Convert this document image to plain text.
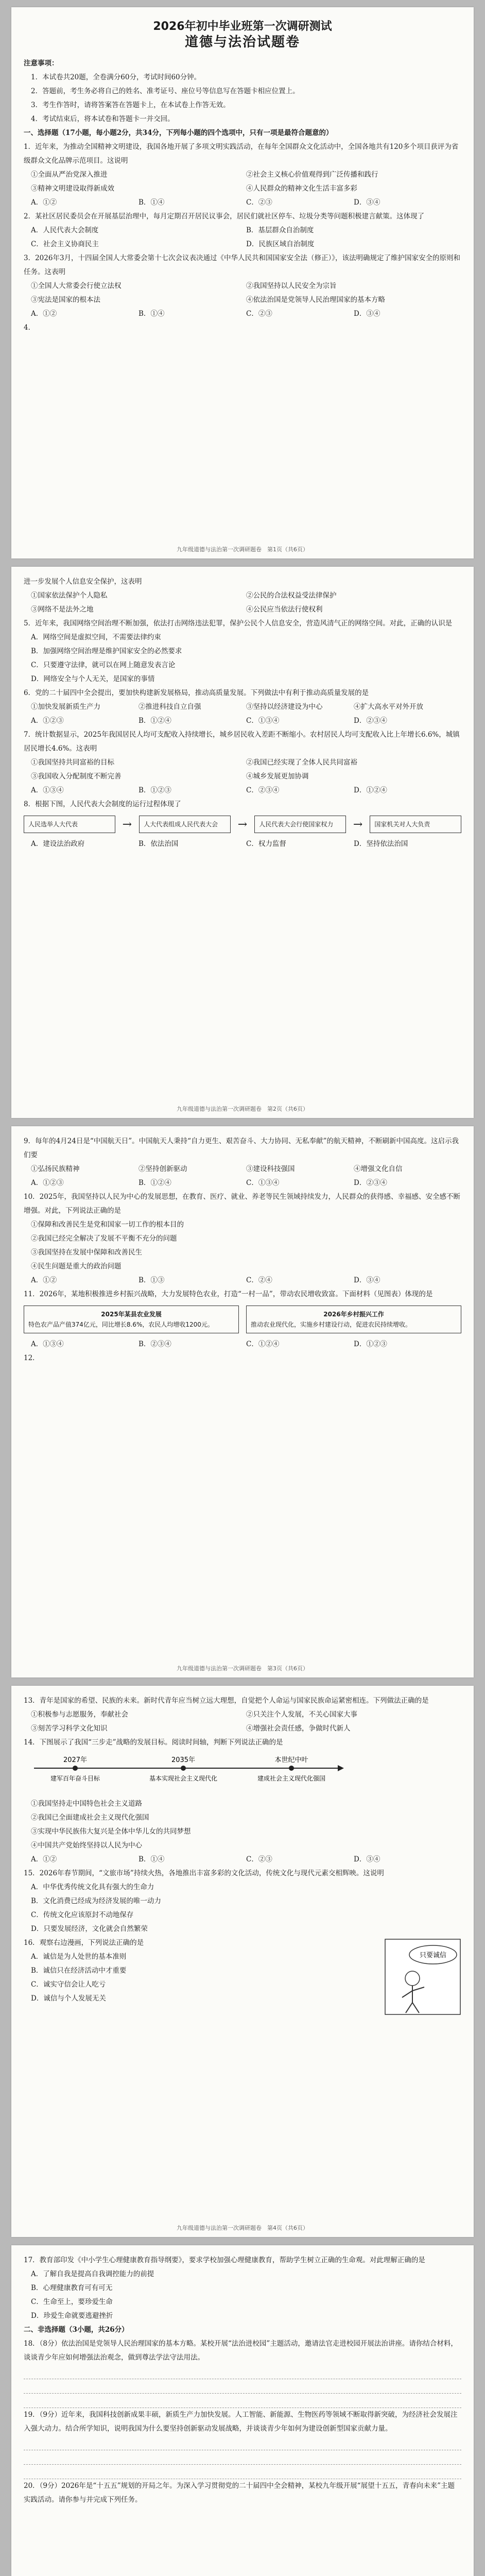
2026年初中毕业班第一次调研测试
道德与法治试题卷

注意事项：

1．本试卷共20题，全卷满分60分，考试时间60分钟。

2．答题前，考生务必将自己的姓名、准考证号、座位号等信息写在答题卡相应位置上。

3．考生作答时，请将答案答在答题卡上，在本试卷上作答无效。

4．考试结束后，将本试卷和答题卡一并交回。

一、选择题（17小题，每小题2分，共34分，下列每小题的四个选项中，只有一项是最符合题意的）

1．近年来，为推动全国精神文明建设，我国各地开展了多项文明实践活动，在每年全国群众文化活动中，全国各地共有120多个项目获评为省级群众文化品牌示范项目。这说明

①全面从严治党深入推进	②社会主义核心价值观得到广泛传播和践行
③精神文明建设取得新成效	④人民群众的精神文化生活丰富多彩
A．①②	B．①④	C．②③	D．③④

2．某社区居民委员会在开展基层治理中，每月定期召开居民议事会，居民们就社区停车、垃圾分类等问题积极建言献策。这体现了

A．人民代表大会制度	B．基层群众自治制度
C．社会主义协商民主	D．民族区域自治制度

3．2026年3月，十四届全国人大常委会第十七次会议表决通过《中华人民共和国国家安全法（修正）》，该法明确规定了维护国家安全的原则和任务。这表明

①全国人大常委会行使立法权	②我国坚持以人民安全为宗旨
③宪法是国家的根本法	④依法治国是党领导人民治理国家的基本方略
A．①②	B．①④	C．②③	D．③④

4．

九年级道德与法治第一次调研题卷　 第1页（共6页）

进一步发展个人信息安全保护，这表明

①国家依法保护个人隐私	②公民的合法权益受法律保护
③网络不是法外之地	④公民应当依法行使权利

5．近年来，我国网络空间治理不断加强，依法打击网络违法犯罪，保护公民个人信息安全，营造风清气正的网络空间。对此，正确的认识是

A．网络空间是虚拟空间，不需要法律约束

B．加强网络空间治理是维护国家安全的必然要求

C．只要遵守法律，就可以在网上随意发表言论

D．网络安全与个人无关，是国家的事情

6．党的二十届四中全会提出，要加快构建新发展格局，推动高质量发展。下列做法中有利于推动高质量发展的是

①加快发展新质生产力	②推进科技自立自强	③坚持以经济建设为中心	④扩大高水平对外开放
A．①②③	B．①②④	C．①③④	D．②③④

7．统计数据显示，2025年我国居民人均可支配收入持续增长，城乡居民收入差距不断缩小。农村居民人均可支配收入比上年增长6.6%，城镇居民增长4.6%。这表明

①我国坚持共同富裕的目标	②我国已经实现了全体人民共同富裕
③我国收入分配制度不断完善	④城乡发展更加协调
A．①③④	B．①②③	C．②③④	D．①②④

8．根据下图，人民代表大会制度的运行过程体现了

人民选举人大代表	→	人大代表组成人民代表大会	→	人民代表大会行使国家权力	→	国家机关对人大负责
A．建设法治政府	B．依法治国	C．权力监督	D．坚持依法治国
九年级道德与法治第一次调研题卷　 第2页（共6页）

9．每年的4月24日是“中国航天日”。中国航天人秉持“自力更生、艰苦奋斗、大力协同、无私奉献”的航天精神，不断刷新中国高度。这启示我们要

①弘扬民族精神	②坚持创新驱动	③建设科技强国	④增强文化自信
A．①②③	B．①②④	C．①③④	D．②③④

10．2025年，我国坚持以人民为中心的发展思想，在教育、医疗、就业、养老等民生领域持续发力，人民群众的获得感、幸福感、安全感不断增强。对此，下列说法正确的是

①保障和改善民生是党和国家一切工作的根本目的

②我国已经完全解决了发展不平衡不充分的问题

③我国坚持在发展中保障和改善民生

④民生问题是重大的政治问题

A．①②	B．①③	C．②④	D．③④

11．2026年，某地积极推进乡村振兴战略，大力发展特色农业，打造“一村一品”，带动农民增收致富。下面材料（见图表）体现的是

2025年某县农业发展
特色农产品产值374亿元，同比增长8.6%，农民人均增收1200元。
2026年乡村振兴工作
推动农业现代化，实施乡村建设行动，促进农民持续增收。
A．①③④	B．②③④	C．①②④	D．①②③

12．

九年级道德与法治第一次调研题卷　 第3页（共6页）

13．青年是国家的希望、民族的未来。新时代青年应当树立远大理想，自觉把个人命运与国家民族命运紧密相连。下列做法正确的是

①积极参与志愿服务，奉献社会	②只关注个人发展，不关心国家大事
③刻苦学习科学文化知识	④增强社会责任感，争做时代新人

14．下图展示了我国“三步走”战略的发展目标。阅读时间轴，判断下列说法正确的是

2027年	2035年	本世纪中叶
建军百年奋斗目标	基本实现社会主义现代化	建成社会主义现代化强国

①我国坚持走中国特色社会主义道路

②我国已全面建成社会主义现代化强国

③实现中华民族伟大复兴是全体中华儿女的共同梦想

④中国共产党始终坚持以人民为中心

A．①②	B．①④	C．②③	D．③④

15．2026年春节期间，“文旅市场”持续火热，各地推出丰富多彩的文化活动，传统文化与现代元素交相辉映。这说明

A．中华优秀传统文化具有强大的生命力

B．文化消费已经成为经济发展的唯一动力

C．传统文化应该原封不动地保存

D．只要发展经济，文化就会自然繁荣

只要诚信

16．观察右边漫画，下列说法正确的是

A．诚信是为人处世的基本准则

B．诚信只在经济活动中才重要

C．诚实守信会让人吃亏

D．诚信与个人发展无关

九年级道德与法治第一次调研题卷　 第4页（共6页）

17．教育部印发《中小学生心理健康教育指导纲要》，要求学校加强心理健康教育，帮助学生树立正确的生命观。对此理解正确的是

A．了解自我是提高自我调控能力的前提

B．心理健康教育可有可无

C．生命至上，要珍爱生命

D．珍爱生命就要逃避挫折

二、非选择题（3小题，共26分）

18．（8分）依法治国是党领导人民治理国家的基本方略。某校开展“法治进校园”主题活动，邀请法官走进校园开展法治讲座。请你结合材料，谈谈青少年应如何增强法治观念，做到尊法学法守法用法。

19．（9分）近年来，我国科技创新成果丰硕，新质生产力加快发展。人工智能、新能源、生物医药等领域不断取得新突破，为经济社会发展注入强大动力。结合所学知识，说明我国为什么要坚持创新驱动发展战略，并谈谈青少年如何为建设创新型国家贡献力量。

20．（9分）2026年是“十五五”规划的开局之年。为深入学习贯彻党的二十届四中全会精神，某校九年级开展“展望十五五，青春向未来”主题实践活动。请你参与并完成下列任务。
